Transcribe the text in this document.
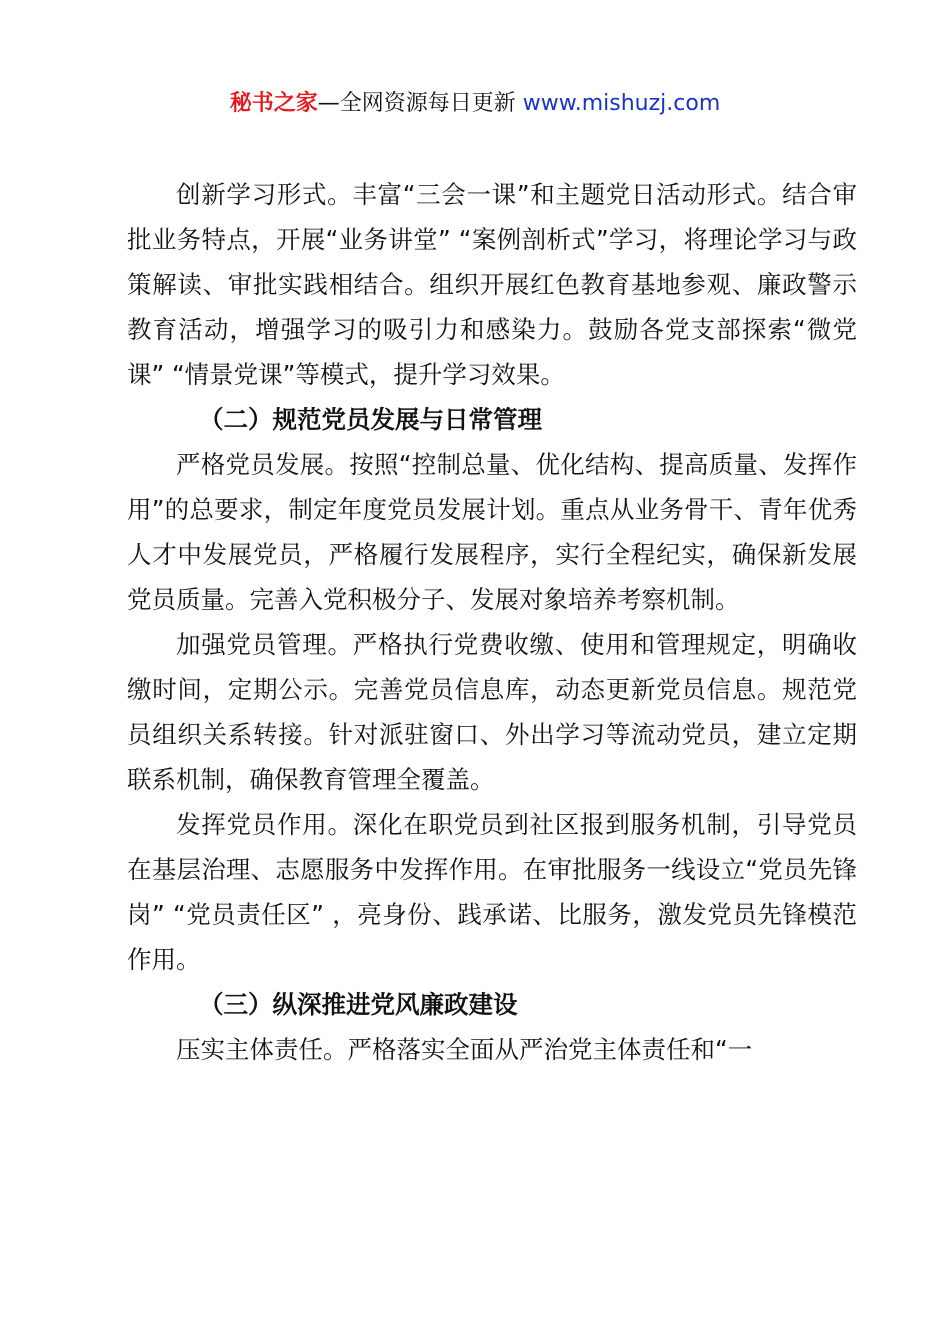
秘书之家—全网资源每日更新 www.mishuzj.com

创新学习形式。丰富“三会一课”和主题党日活动形式。结合审批业务特点，开展“业务讲堂” “案例剖析式”学习，将理论学习与政策解读、审批实践相结合。组织开展红色教育基地参观、廉政警示教育活动，增强学习的吸引力和感染力。鼓励各党支部探索“微党课” “情景党课”等模式，提升学习效果。

（二）规范党员发展与日常管理

严格党员发展。按照“控制总量、优化结构、提高质量、发挥作用”的总要求，制定年度党员发展计划。重点从业务骨干、青年优秀人才中发展党员，严格履行发展程序，实行全程纪实，确保新发展党员质量。完善入党积极分子、发展对象培养考察机制。

加强党员管理。严格执行党费收缴、使用和管理规定，明确收缴时间，定期公示。完善党员信息库，动态更新党员信息。规范党员组织关系转接。针对派驻窗口、外出学习等流动党员，建立定期联系机制，确保教育管理全覆盖。

发挥党员作用。深化在职党员到社区报到服务机制，引导党员在基层治理、志愿服务中发挥作用。在审批服务一线设立“党员先锋岗” “党员责任区” ，亮身份、践承诺、比服务，激发党员先锋模范作用。

（三）纵深推进党风廉政建设

压实主体责任。严格落实全面从严治党主体责任和“一
